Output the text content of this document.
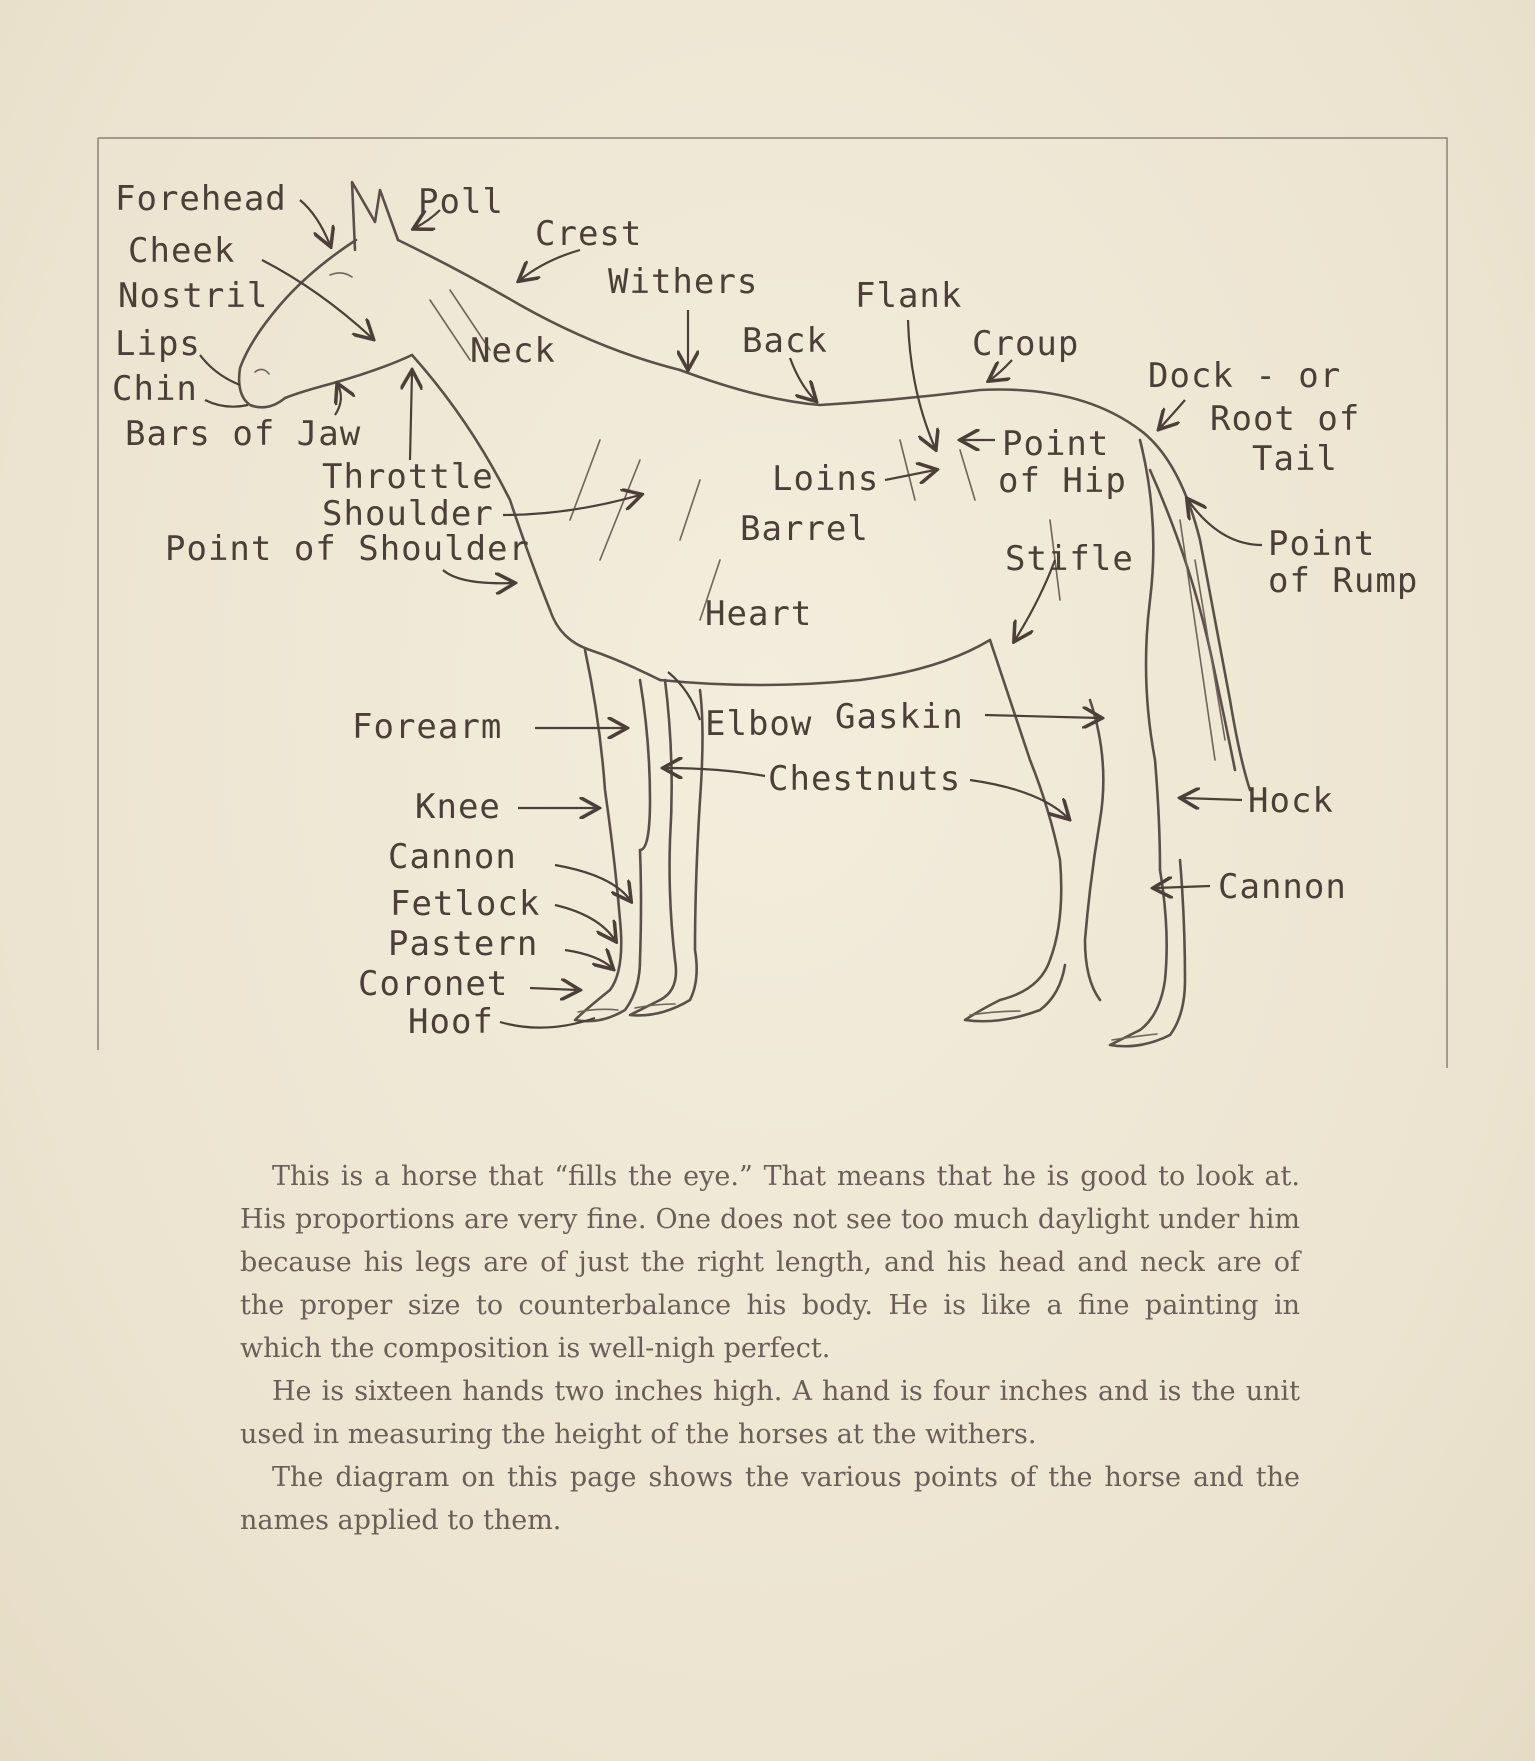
Forehead	Poll
Crest
Cheek
Nostril	Withers	Flank
Lips	Neck	Back	Croup
Chin	Dock - or
Root of
Tail
Bars of Jaw	Point
of Hip
Throttle	Loins
Shoulder	Barrel
Point of Shoulder	Stifle	Point
of Rump
Heart
Forearm	Elbow Gaskin
Chestnuts
Knee	Hock
Cannon
Cannon
Fetlock
Pastern
Coronet
Hoof

This is a horse that “fills the eye.” That means that he is good to look at. His proportions are very fine. One does not see too much daylight under him because his legs are of just the right length, and his head and neck are of the proper size to counterbalance his body. He is like a fine painting in which the composition is well-nigh perfect.

He is sixteen hands two inches high. A hand is four inches and is the unit used in measuring the height of the horses at the withers.

The diagram on this page shows the various points of the horse and the names applied to them.
